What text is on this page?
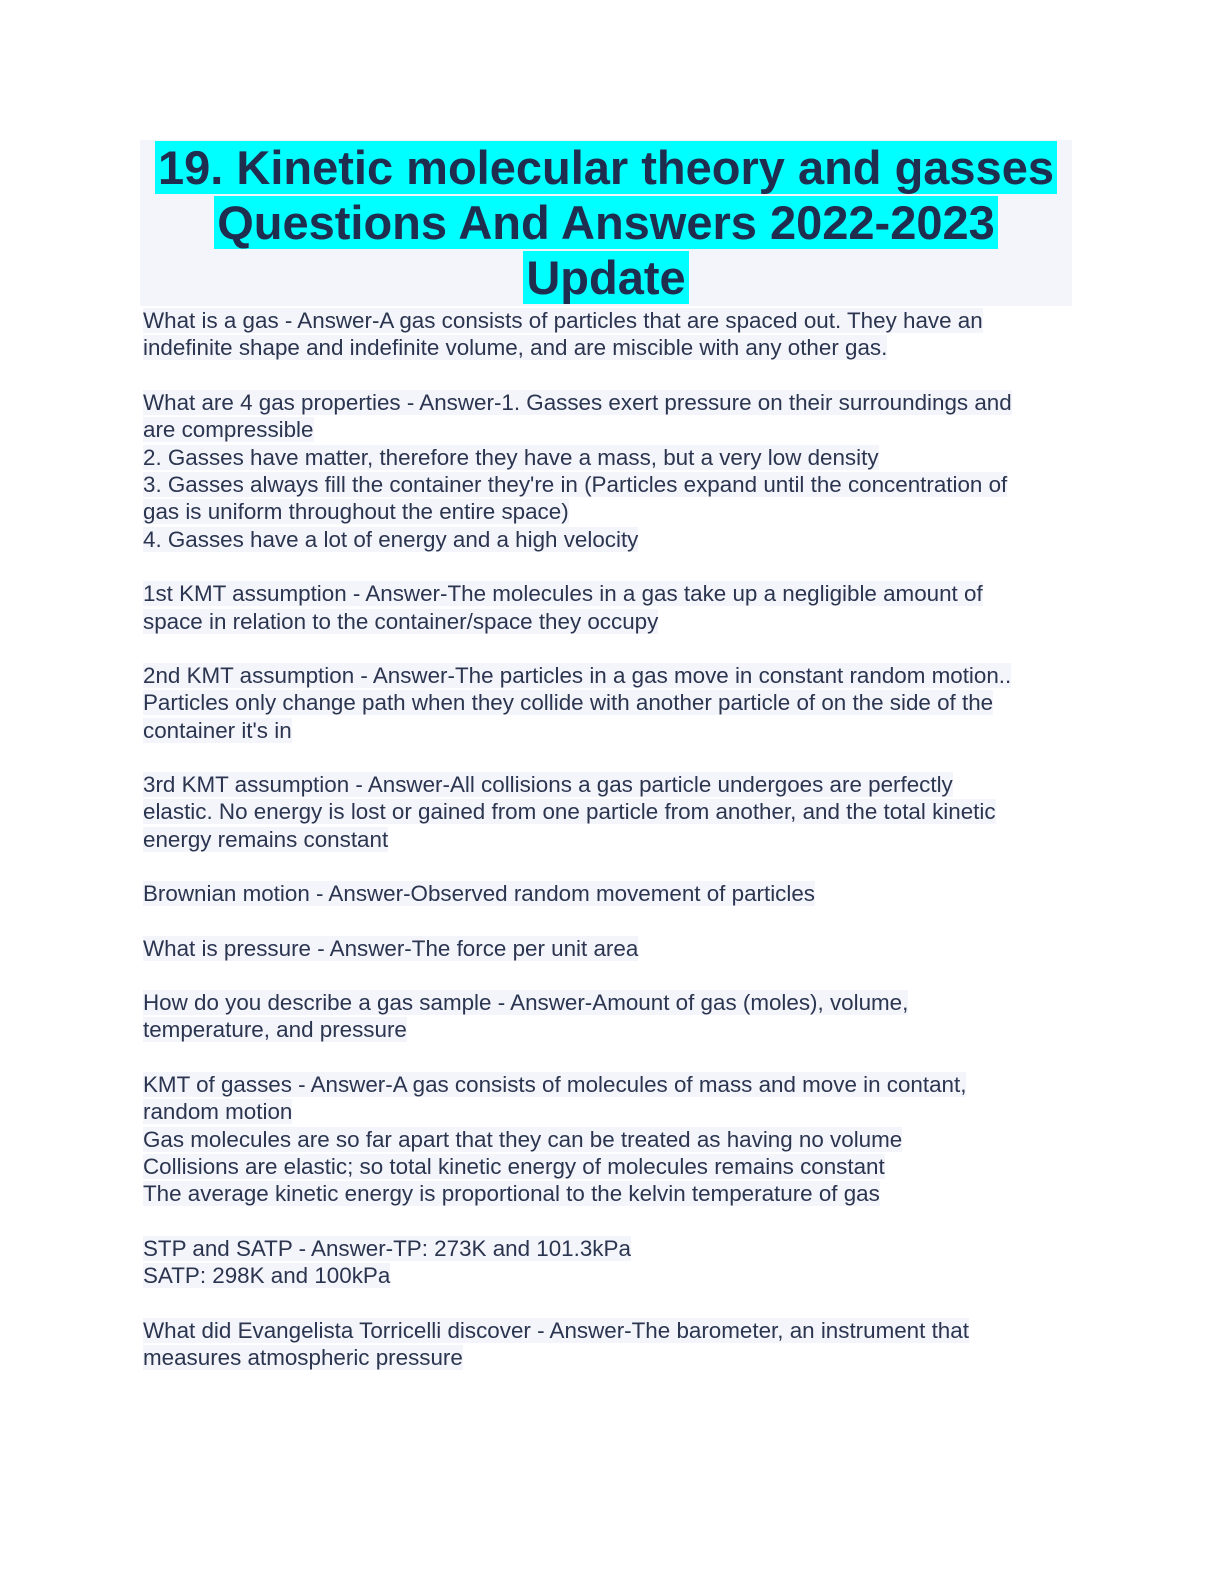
19. Kinetic molecular theory and gasses
Questions And Answers 2022-2023
Update
What is a gas - Answer-A gas consists of particles that are spaced out. They have an
indefinite shape and indefinite volume, and are miscible with any other gas.
What are 4 gas properties - Answer-1. Gasses exert pressure on their surroundings and
are compressible
2. Gasses have matter, therefore they have a mass, but a very low density
3. Gasses always fill the container they're in (Particles expand until the concentration of
gas is uniform throughout the entire space)
4. Gasses have a lot of energy and a high velocity
1st KMT assumption - Answer-The molecules in a gas take up a negligible amount of
space in relation to the container/space they occupy
2nd KMT assumption - Answer-The particles in a gas move in constant random motion..
Particles only change path when they collide with another particle of on the side of the
container it's in
3rd KMT assumption - Answer-All collisions a gas particle undergoes are perfectly
elastic. No energy is lost or gained from one particle from another, and the total kinetic
energy remains constant
Brownian motion - Answer-Observed random movement of particles
What is pressure - Answer-The force per unit area
How do you describe a gas sample - Answer-Amount of gas (moles), volume,
temperature, and pressure
KMT of gasses - Answer-A gas consists of molecules of mass and move in contant,
random motion
Gas molecules are so far apart that they can be treated as having no volume
Collisions are elastic; so total kinetic energy of molecules remains constant
The average kinetic energy is proportional to the kelvin temperature of gas
STP and SATP - Answer-TP: 273K and 101.3kPa
SATP: 298K and 100kPa
What did Evangelista Torricelli discover - Answer-The barometer, an instrument that
measures atmospheric pressure
